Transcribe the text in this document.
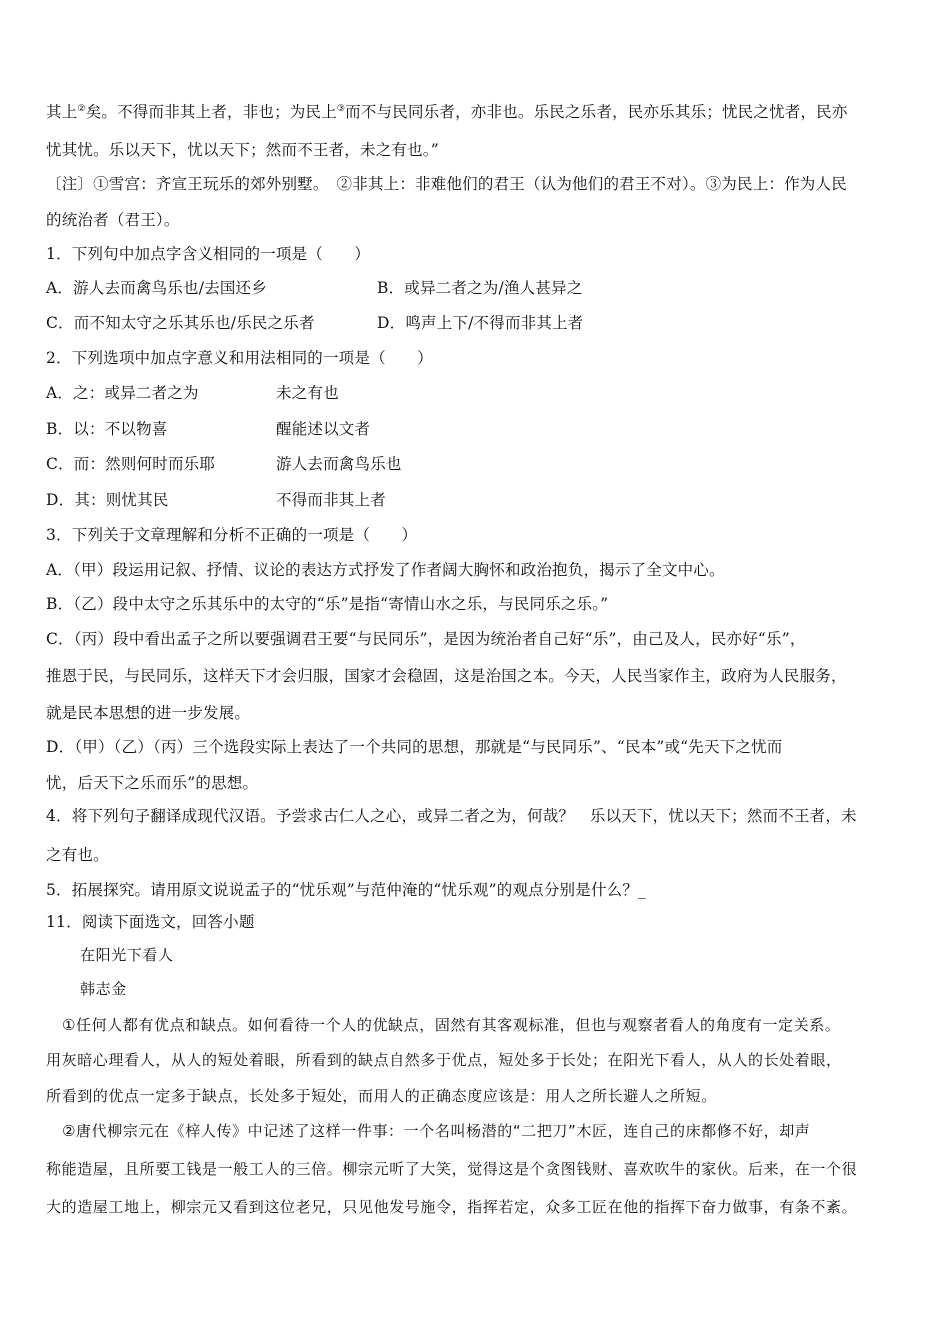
其上②矣。不得而非其上者，非也；为民上③而不与民同乐者，亦非也。乐民之乐者，民亦乐其乐；忧民之忧者，民亦
忧其忧。乐以天下，忧以天下；然而不王者，未之有也。”
〔注〕①雪宫：齐宣王玩乐的郊外别墅。　②非其上：非难他们的君王（认为他们的君王不对）。③为民上：作为人民
的统治者（君王）。
1．下列句中加点字含义相同的一项是（　　）
A．游人去而禽鸟乐也/去国还乡	B．或异二者之为/渔人甚异之
C．而不知太守之乐其乐也/乐民之乐者	D．鸣声上下/不得而非其上者
2．下列选项中加点字意义和用法相同的一项是（　　）
A．之：或异二者之为	未之有也
B．以：不以物喜	醒能述以文者
C．而：然则何时而乐耶	游人去而禽鸟乐也
D．其：则忧其民	不得而非其上者
3．下列关于文章理解和分析不正确的一项是（　　）
A．（甲）段运用记叙、抒情、议论的表达方式抒发了作者阔大胸怀和政治抱负，揭示了全文中心。
B．（乙）段中太守之乐其乐中的太守的“乐”是指“寄情山水之乐，与民同乐之乐。”
C．（丙）段中看出孟子之所以要强调君王要“与民同乐”，是因为统治者自己好“乐”，由己及人，民亦好“乐”，
推恩于民，与民同乐，这样天下才会归服，国家才会稳固，这是治国之本。今天，人民当家作主，政府为人民服务，
就是民本思想的进一步发展。
D．（甲）（乙）（丙）三个选段实际上表达了一个共同的思想，那就是“与民同乐”、“民本”或“先天下之忧而
忧，后天下之乐而乐”的思想。
4．将下列句子翻译成现代汉语。予尝求古仁人之心，或异二者之为，何哉？　乐以天下，忧以天下；然而不王者，未
之有也。
5．拓展探究。请用原文说说孟子的“忧乐观”与范仲淹的“忧乐观”的观点分别是什么？_
11．阅读下面选文，回答小题
在阳光下看人
韩志金
①任何人都有优点和缺点。如何看待一个人的优缺点，固然有其客观标准，但也与观察者看人的角度有一定关系。
用灰暗心理看人，从人的短处着眼，所看到的缺点自然多于优点，短处多于长处；在阳光下看人，从人的长处着眼，
所看到的优点一定多于缺点，长处多于短处，而用人的正确态度应该是：用人之所长避人之所短。
②唐代柳宗元在《梓人传》中记述了这样一件事：一个名叫杨潜的“二把刀”木匠，连自己的床都修不好，却声
称能造屋，且所要工钱是一般工人的三倍。柳宗元听了大笑，觉得这是个贪图钱财、喜欢吹牛的家伙。后来，在一个很
大的造屋工地上，柳宗元又看到这位老兄，只见他发号施令，指挥若定，众多工匠在他的指挥下奋力做事，有条不紊。
